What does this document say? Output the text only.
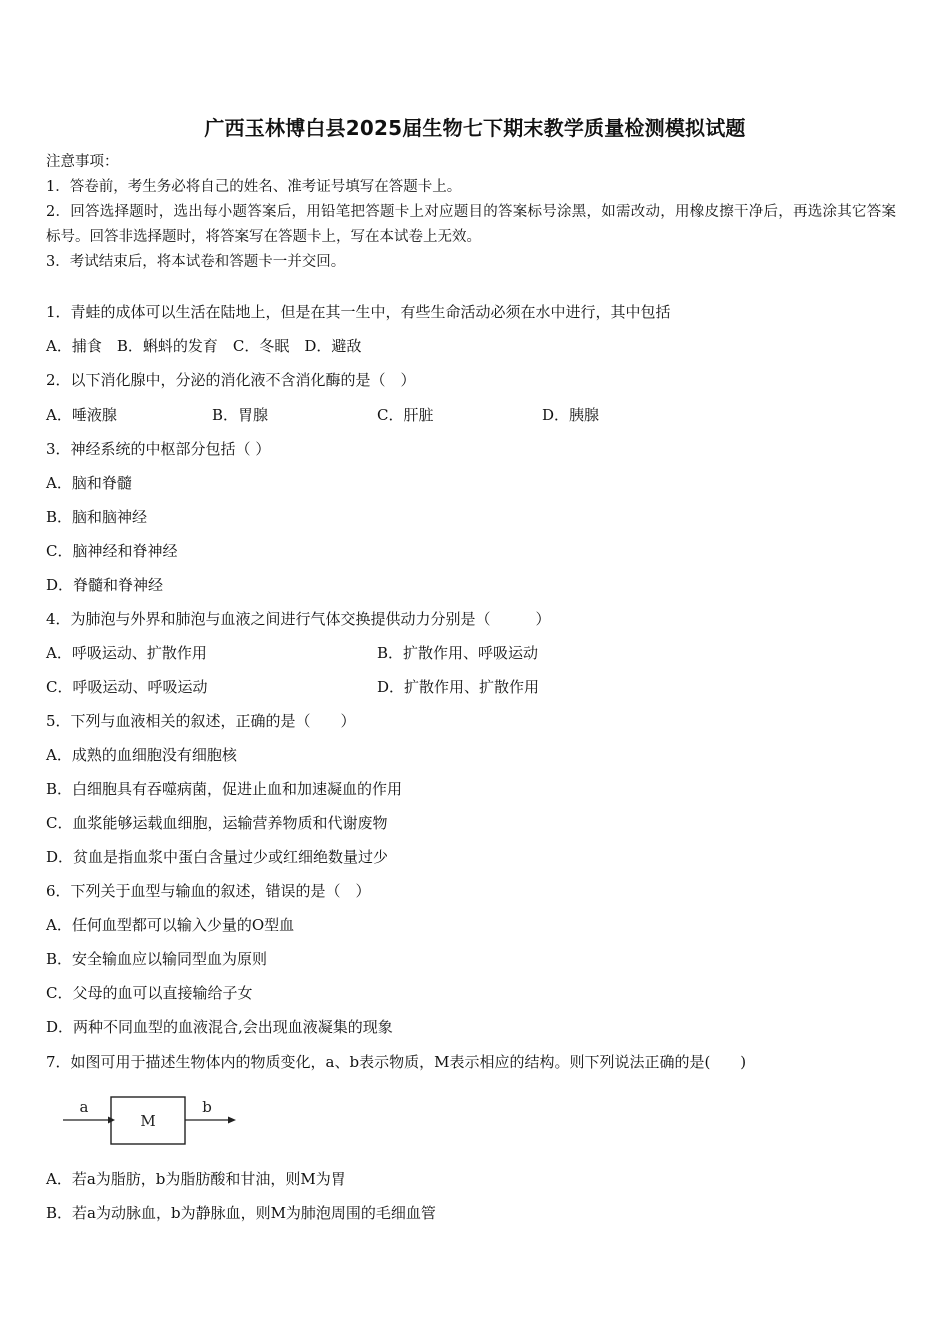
广西玉林博白县2025届生物七下期末教学质量检测模拟试题
注意事项：
1．答卷前，考生务必将自己的姓名、准考证号填写在答题卡上。
2．回答选择题时，选出每小题答案后，用铅笔把答题卡上对应题目的答案标号涂黑，如需改动，用橡皮擦干净后，再选涂其它答案标号。回答非选择题时，将答案写在答题卡上，写在本试卷上无效。
3．考试结束后，将本试卷和答题卡一并交回。
1．青蛙的成体可以生活在陆地上，但是在其一生中，有些生命活动必须在水中进行，其中包括
A．捕食　B．蝌蚪的发育　C．冬眠　D．避敌
2．以下消化腺中，分泌的消化液不含消化酶的是（　）
A．唾液腺	B．胃腺	C．肝脏	D．胰腺
3．神经系统的中枢部分包括（ ）
A．脑和脊髓
B．脑和脑神经
C．脑神经和脊神经
D．脊髓和脊神经
4．为肺泡与外界和肺泡与血液之间进行气体交换提供动力分别是（　　　）
A．呼吸运动、扩散作用	B．扩散作用、呼吸运动
C．呼吸运动、呼吸运动	D．扩散作用、扩散作用
5．下列与血液相关的叙述，正确的是（　　）
A．成熟的血细胞没有细胞核
B．白细胞具有吞噬病菌，促进止血和加速凝血的作用
C．血浆能够运载血细胞，运输营养物质和代谢废物
D．贫血是指血浆中蛋白含量过少或红细绝数量过少
6．下列关于血型与输血的叙述，错误的是（　）
A．任何血型都可以输入少量的O型血
B．安全输血应以输同型血为原则
C．父母的血可以直接输给子女
D．两种不同血型的血液混合,会出现血液凝集的现象
7．如图可用于描述生物体内的物质变化，a、b表示物质，M表示相应的结构。则下列说法正确的是(　　)
a
M
b
A．若a为脂肪，b为脂肪酸和甘油，则M为胃
B．若a为动脉血，b为静脉血，则M为肺泡周围的毛细血管
